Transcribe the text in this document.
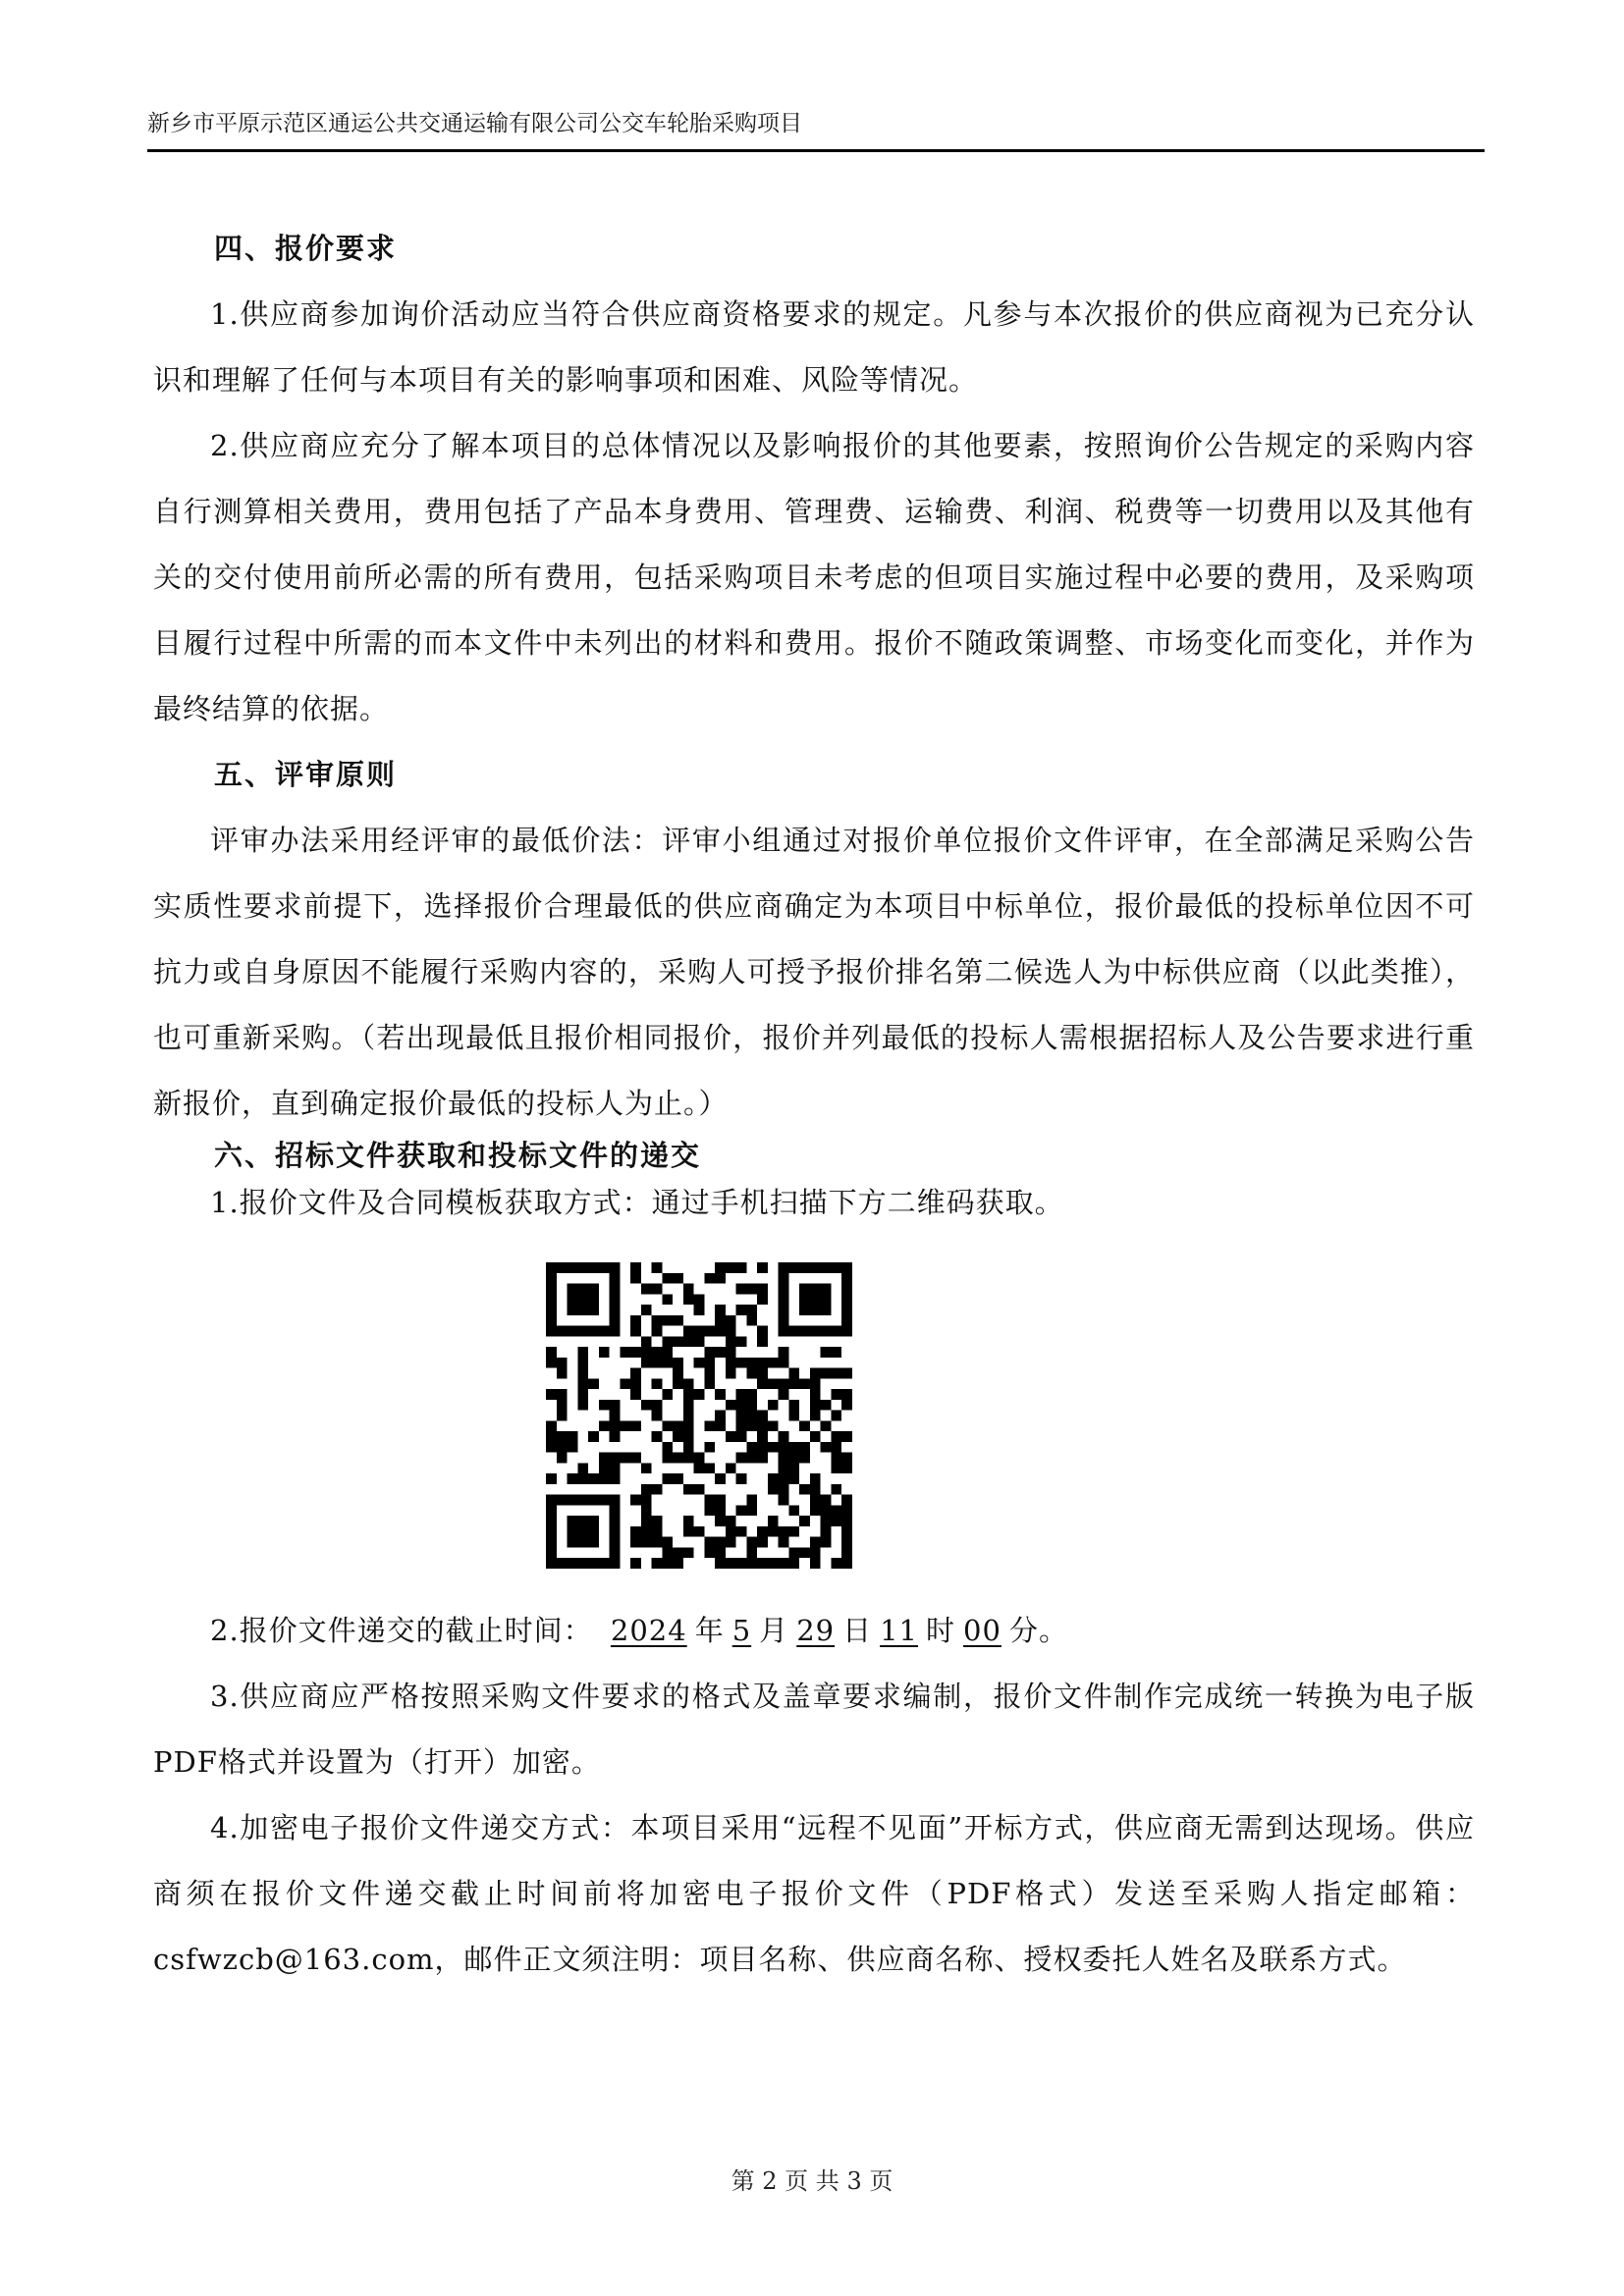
新乡市平原示范区通运公共交通运输有限公司公交车轮胎采购项目
四、报价要求

1.供应商参加询价活动应当符合供应商资格要求的规定。凡参与本次报价的供应商视为已充分认识和理解了任何与本项目有关的影响事项和困难、风险等情况。

2.供应商应充分了解本项目的总体情况以及影响报价的其他要素，按照询价公告规定的采购内容自行测算相关费用，费用包括了产品本身费用、管理费、运输费、利润、税费等一切费用以及其他有关的交付使用前所必需的所有费用，包括采购项目未考虑的但项目实施过程中必要的费用，及采购项目履行过程中所需的而本文件中未列出的材料和费用。报价不随政策调整、市场变化而变化，并作为最终结算的依据。

五、评审原则

评审办法采用经评审的最低价法：评审小组通过对报价单位报价文件评审，在全部满足采购公告实质性要求前提下，选择报价合理最低的供应商确定为本项目中标单位，报价最低的投标单位因不可抗力或自身原因不能履行采购内容的，采购人可授予报价排名第二候选人为中标供应商（以此类推），也可重新采购。（若出现最低且报价相同报价，报价并列最低的投标人需根据招标人及公告要求进行重新报价，直到确定报价最低的投标人为止。）

六、招标文件获取和投标文件的递交

1.报价文件及合同模板获取方式：通过手机扫描下方二维码获取。

2.报价文件递交的截止时间： 2024 年 5 月 29 日 11 时 00 分。

3.供应商应严格按照采购文件要求的格式及盖章要求编制，报价文件制作完成统一转换为电子版PDF格式并设置为（打开）加密。

4.加密电子报价文件递交方式：本项目采用“远程不见面”开标方式，供应商无需到达现场。供应商须在报价文件递交截止时间前将加密电子报价文件（PDF格式）发送至采购人指定邮箱：csfwzcb@163.com，邮件正文须注明：项目名称、供应商名称、授权委托人姓名及联系方式。

第 2 页 共 3 页
